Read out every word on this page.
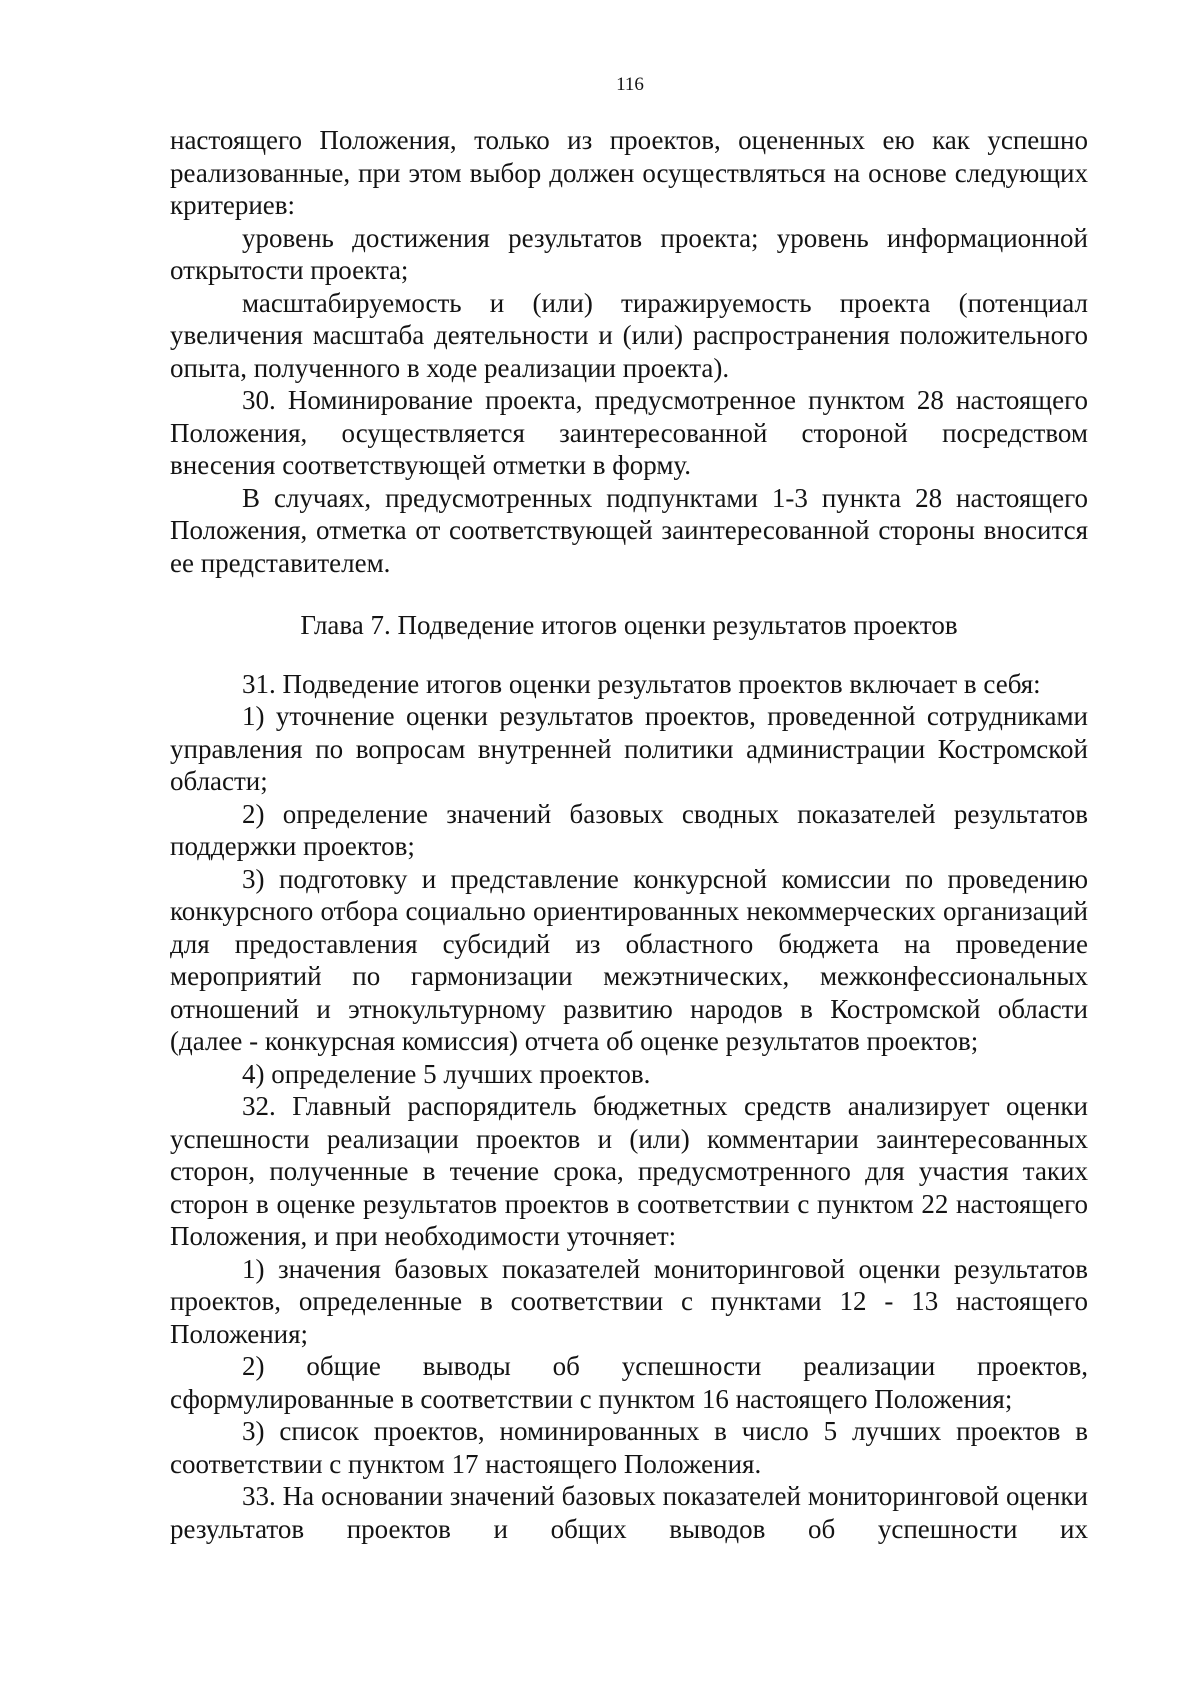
116

настоящего Положения, только из проектов, оцененных ею как успешно реализованные, при этом выбор должен осуществляться на основе следующих критериев:

уровень достижения результатов проекта; уровень информационной открытости проекта;

масштабируемость и (или) тиражируемость проекта (потенциал увеличения масштаба деятельности и (или) распространения положительного опыта, полученного в ходе реализации проекта).

30. Номинирование проекта, предусмотренное пунктом 28 настоящего Положения, осуществляется заинтересованной стороной посредством внесения соответствующей отметки в форму.

В случаях, предусмотренных подпунктами 1-3 пункта 28 настоящего Положения, отметка от соответствующей заинтересованной стороны вносится ее представителем.

Глава 7. Подведение итогов оценки результатов проектов

31. Подведение итогов оценки результатов проектов включает в себя:

1) уточнение оценки результатов проектов, проведенной сотрудниками управления по вопросам внутренней политики администрации Костромской области;

2) определение значений базовых сводных показателей результатов поддержки проектов;

3) подготовку и представление конкурсной комиссии по проведению конкурсного отбора социально ориентированных некоммерческих организаций для предоставления субсидий из областного бюджета на проведение мероприятий по гармонизации межэтнических, межконфессиональных отношений и этнокультурному развитию народов в Костромской области (далее - конкурсная комиссия) отчета об оценке результатов проектов;

4) определение 5 лучших проектов.

32. Главный распорядитель бюджетных средств анализирует оценки успешности реализации проектов и (или) комментарии заинтересованных сторон, полученные в течение срока, предусмотренного для участия таких сторон в оценке результатов проектов в соответствии с пунктом 22 настоящего Положения, и при необходимости уточняет:

1) значения базовых показателей мониторинговой оценки результатов проектов, определенные в соответствии с пунктами 12 - 13 настоящего Положения;

2) общие выводы об успешности реализации проектов, сформулированные в соответствии с пунктом 16 настоящего Положения;

3) список проектов, номинированных в число 5 лучших проектов в соответствии с пунктом 17 настоящего Положения.

33. На основании значений базовых показателей мониторинговой оценки результатов проектов и общих выводов об успешности их
